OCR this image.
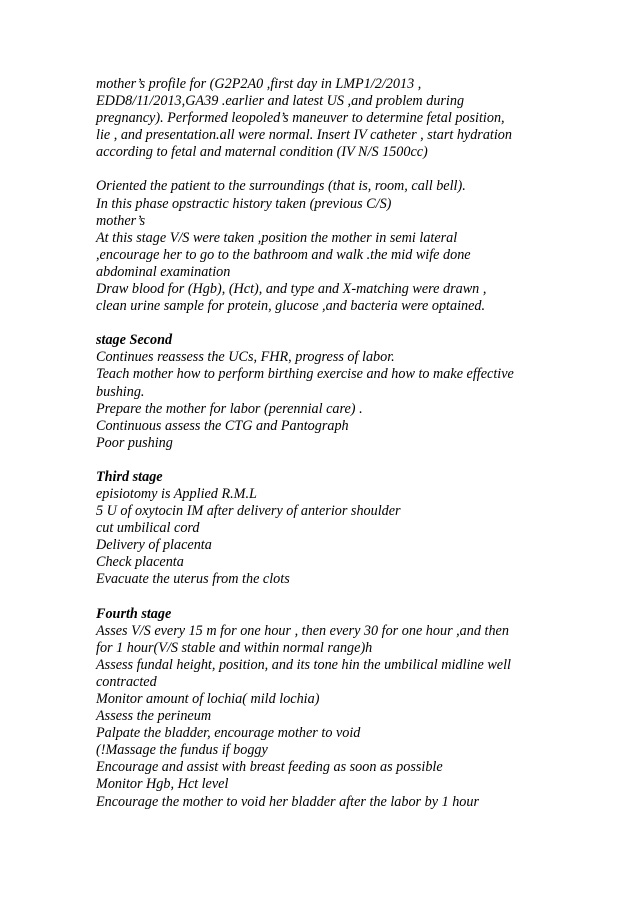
mother’s profile for (G2P2A0 ,first day in LMP1/2/2013 ,
EDD8/11/2013,GA39 .earlier and latest US ,and problem during
pregnancy). Performed leopoled’s maneuver to determine fetal position,
lie , and presentation.all were normal. Insert IV catheter , start hydration
according to fetal and maternal condition (IV N/S 1500cc)
Oriented the patient to the surroundings (that is, room, call bell).
In this phase opstractic history taken (previous C/S)
mother’s
At this stage V/S were taken ,position the mother in semi lateral
,encourage her to go to the bathroom and walk .the mid wife done
abdominal examination
Draw blood for (Hgb), (Hct), and type and X-matching were drawn ,
clean urine sample for protein, glucose ,and bacteria were optained.
stage Second
Continues reassess the UCs, FHR, progress of labor.
Teach mother how to perform birthing exercise and how to make effective
bushing.
Prepare the mother for labor (perennial care) .
Continuous assess the CTG and Pantograph
Poor pushing
Third stage
episiotomy is Applied R.M.L
5 U of oxytocin IM after delivery of anterior shoulder
cut umbilical cord
Delivery of placenta
Check placenta
Evacuate the uterus from the clots
Fourth stage
Asses V/S every 15 m for one hour , then every 30 for one hour ,and then
for 1 hour(V/S stable and within normal range)h
Assess fundal height, position, and its tone hin the umbilical midline well
contracted
Monitor amount of lochia( mild lochia)
Assess the perineum
Palpate the bladder, encourage mother to void
(!Massage the fundus if boggy
Encourage and assist with breast feeding as soon as possible
Monitor Hgb, Hct level
Encourage the mother to void her bladder after the labor by 1 hour
